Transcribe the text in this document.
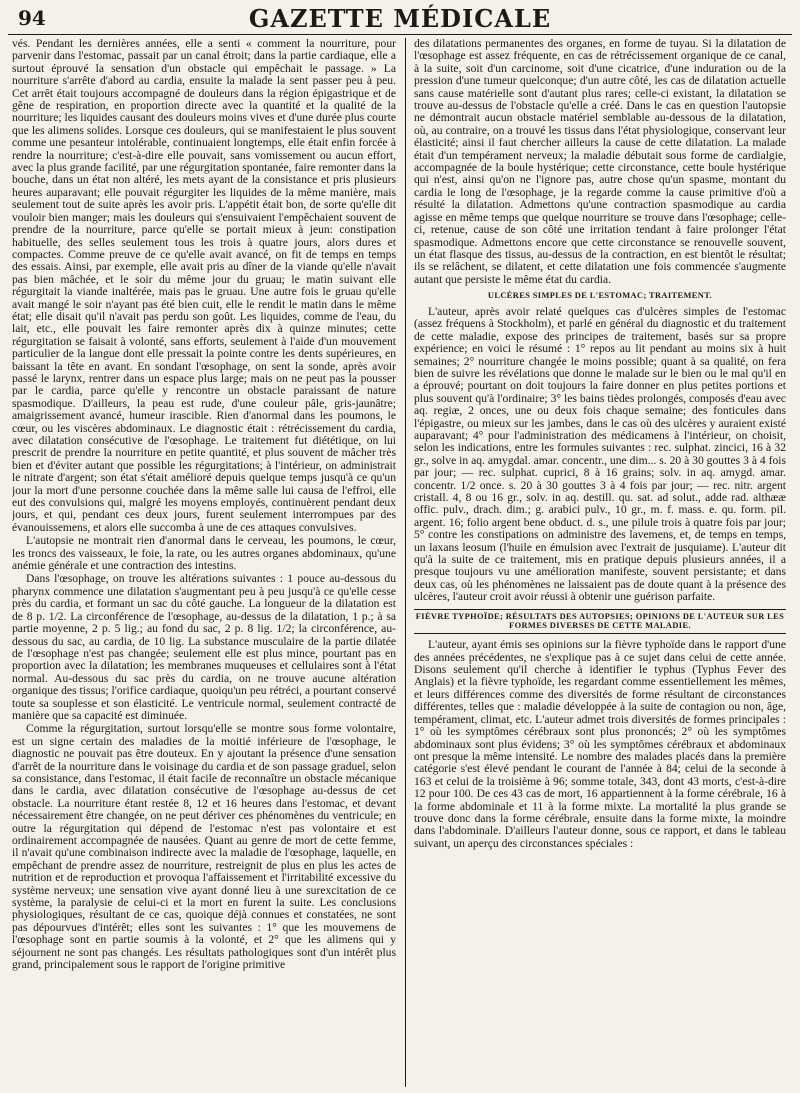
94	GAZETTE MÉDICALE

vés. Pendant les dernières années, elle a senti « comment la nourriture, pour parvenir dans l'estomac, passait par un canal étroit; dans la partie cardiaque, elle a surtout éprouvé la sensation d'un obstacle qui empêchait le passage. » La nourriture s'arrête d'abord au cardia, ensuite la malade la sent passer peu à peu. Cet arrêt était toujours accompagné de douleurs dans la région épigastrique et de gêne de respiration, en proportion directe avec la quantité et la qualité de la nourriture; les liquides causant des douleurs moins vives et d'une durée plus courte que les alimens solides. Lorsque ces douleurs, qui se manifestaient le plus souvent comme une pesanteur intolérable, continuaient longtemps, elle était enfin forcée à rendre la nourriture; c'est-à-dire elle pouvait, sans vomissement ou aucun effort, avec la plus grande facilité, par une régurgitation spontanée, faire remonter dans la bouche, dans un état non altéré, les mets ayant de la consistance et pris plusieurs heures auparavant; elle pouvait régurgiter les liquides de la même manière, mais seulement tout de suite après les avoir pris. L'appétit était bon, de sorte qu'elle dit vouloir bien manger; mais les douleurs qui s'ensuivaient l'empêchaient souvent de prendre de la nourriture, parce qu'elle se portait mieux à jeun: constipation habituelle, des selles seulement tous les trois à quatre jours, alors dures et compactes. Comme preuve de ce qu'elle avait avancé, on fit de temps en temps des essais. Ainsi, par exemple, elle avait pris au dîner de la viande qu'elle n'avait pas bien mâchée, et le soir du même jour du gruau; le matin suivant elle régurgitait la viande inaltérée, mais pas le gruau. Une autre fois le gruau qu'elle avait mangé le soir n'ayant pas été bien cuit, elle le rendit le matin dans le même état; elle disait qu'il n'avait pas perdu son goût. Les liquides, comme de l'eau, du lait, etc., elle pouvait les faire remonter après dix à quinze minutes; cette régurgitation se faisait à volonté, sans efforts, seulement à l'aide d'un mouvement particulier de la langue dont elle pressait la pointe contre les dents supérieures, en baissant la tête en avant. En sondant l'œsophage, on sent la sonde, après avoir passé le larynx, rentrer dans un espace plus large; mais on ne peut pas la pousser par le cardia, parce qu'elle y rencontre un obstacle paraissant de nature spasmodique. D'ailleurs, la peau est rude, d'une couleur pâle, gris-jaunâtre; amaigrissement avancé, humeur irascible. Rien d'anormal dans les poumons, le cœur, ou les viscères abdominaux. Le diagnostic était : rétrécissement du cardia, avec dilatation consécutive de l'œsophage. Le traitement fut diététique, on lui prescrit de prendre la nourriture en petite quantité, et plus souvent de mâcher très bien et d'éviter autant que possible les régurgitations; à l'intérieur, on administrait le nitrate d'argent; son état s'était amélioré depuis quelque temps jusqu'à ce qu'un jour la mort d'une personne couchée dans la même salle lui causa de l'effroi, elle eut des convulsions qui, malgré les moyens employés, continuèrent pendant deux jours, et qui, pendant ces deux jours, furent seulement interrompues par des évanouissemens, et alors elle succomba à une de ces attaques convulsives.

L'autopsie ne montrait rien d'anormal dans le cerveau, les poumons, le cœur, les troncs des vaisseaux, le foie, la rate, ou les autres organes abdominaux, qu'une anémie générale et une contraction des intestins.

Dans l'œsophage, on trouve les altérations suivantes : 1 pouce au-dessous du pharynx commence une dilatation s'augmentant peu à peu jusqu'à ce qu'elle cesse près du cardia, et formant un sac du côté gauche. La longueur de la dilatation est de 8 p. 1/2. La circonférence de l'œsophage, au-dessus de la dilatation, 1 p.; à sa partie moyenne, 2 p. 5 lig.; au fond du sac, 2 p. 8 lig. 1/2; la circonférence, au-dessous du sac, au cardia, de 10 lig. La substance musculaire de la partie dilatée de l'œsophage n'est pas changée; seulement elle est plus mince, pourtant pas en proportion avec la dilatation; les membranes muqueuses et cellulaires sont à l'état normal. Au-dessous du sac près du cardia, on ne trouve aucune altération organique des tissus; l'orifice cardiaque, quoiqu'un peu rétréci, a pourtant conservé toute sa souplesse et son élasticité. Le ventricule normal, seulement contracté de manière que sa capacité est diminuée.

Comme la régurgitation, surtout lorsqu'elle se montre sous forme volontaire, est un signe certain des maladies de la moitié inférieure de l'œsophage, le diagnostic ne pouvait pas être douteux. En y ajoutant la présence d'une sensation d'arrêt de la nourriture dans le voisinage du cardia et de son passage graduel, selon sa consistance, dans l'estomac, il était facile de reconnaître un obstacle mécanique dans le cardia, avec dilatation consécutive de l'œsophage au-dessus de cet obstacle. La nourriture étant restée 8, 12 et 16 heures dans l'estomac, et devant nécessairement être changée, on ne peut dériver ces phénomènes du ventricule; en outre la régurgitation qui dépend de l'estomac n'est pas volontaire et est ordinairement accompagnée de nausées. Quant au genre de mort de cette femme, il n'avait qu'une combinaison indirecte avec la maladie de l'œsophage, laquelle, en empêchant de prendre assez de nourriture, restreignit de plus en plus les actes de nutrition et de reproduction et provoqua l'affaissement et l'irritabilité excessive du système nerveux; une sensation vive ayant donné lieu à une surexcitation de ce système, la paralysie de celui-ci et la mort en furent la suite. Les conclusions physiologiques, résultant de ce cas, quoique déjà connues et constatées, ne sont pas dépourvues d'intérêt; elles sont les suivantes : 1° que les mouvemens de l'œsophage sont en partie soumis à la volonté, et 2° que les alimens qui y séjournent ne sont pas changés. Les résultats pathologiques sont d'un intérêt plus grand, principalement sous le rapport de l'origine primitive

des dilatations permanentes des organes, en forme de tuyau. Si la dilatation de l'œsophage est assez fréquente, en cas de rétrécissement organique de ce canal, à la suite, soit d'un carcinome, soit d'une cicatrice, d'une induration ou de la pression d'une tumeur quelconque; d'un autre côté, les cas de dilatation actuelle sans cause matérielle sont d'autant plus rares; celle-ci existant, la dilatation se trouve au-dessus de l'obstacle qu'elle a créé. Dans le cas en question l'autopsie ne démontrait aucun obstacle matériel semblable au-dessous de la dilatation, où, au contraire, on a trouvé les tissus dans l'état physiologique, conservant leur élasticité; ainsi il faut chercher ailleurs la cause de cette dilatation. La malade était d'un tempérament nerveux; la maladie débutait sous forme de cardialgie, accompagnée de la boule hystérique; cette circonstance, cette boule hystérique qui n'est, ainsi qu'on ne l'ignore pas, autre chose qu'un spasme, montant du cardia le long de l'œsophage, je la regarde comme la cause primitive d'où a résulté la dilatation. Admettons qu'une contraction spasmodique au cardia agisse en même temps que quelque nourriture se trouve dans l'œsophage; celle-ci, retenue, cause de son côté une irritation tendant à faire prolonger l'état spasmodique. Admettons encore que cette circonstance se renouvelle souvent, un état flasque des tissus, au-dessus de la contraction, en est bientôt le résultat; ils se relâchent, se dilatent, et cette dilatation une fois commencée s'augmente autant que persiste le même état du cardia.

ULCÈRES SIMPLES DE L'ESTOMAC; TRAITEMENT.

L'auteur, après avoir relaté quelques cas d'ulcères simples de l'estomac (assez fréquens à Stockholm), et parlé en général du diagnostic et du traitement de cette maladie, expose des principes de traitement, basés sur sa propre expérience; en voici le résumé : 1° repos au lit pendant au moins six à huit semaines; 2° nourriture changée le moins possible; quant à sa qualité, on fera bien de suivre les révélations que donne le malade sur le bien ou le mal qu'il en a éprouvé; pourtant on doit toujours la faire donner en plus petites portions et plus souvent qu'à l'ordinaire; 3° les bains tièdes prolongés, composés d'eau avec aq. regiæ, 2 onces, une ou deux fois chaque semaine; des fonticules dans l'épigastre, ou mieux sur les jambes, dans le cas où des ulcères y auraient existé auparavant; 4° pour l'administration des médicamens à l'intérieur, on choisit, selon les indications, entre les formules suivantes : rec. sulphat. zincici, 16 à 32 gr., solve in aq. amygdal. amar. concentr., une dim... s. 20 à 30 gouttes 3 à 4 fois par jour; — rec. sulphat. cuprici, 8 à 16 grains; solv. in aq. amygd. amar. concentr. 1/2 once. s. 20 à 30 gouttes 3 à 4 fois par jour; — rec. nitr. argent cristall. 4, 8 ou 16 gr., solv. in aq. destill. qu. sat. ad solut., adde rad. althææ offic. pulv., drach. dim.; g. arabici pulv., 10 gr., m. f. mass. e. qu. form. pil. argent. 16; folio argent bene obduct. d. s., une pilule trois à quatre fois par jour; 5° contre les constipations on administre des lavemens, et, de temps en temps, un laxans leosum (l'huile en émulsion avec l'extrait de jusquiame). L'auteur dit qu'à la suite de ce traitement, mis en pratique depuis plusieurs années, il a presque toujours vu une amélioration manifeste, souvent persistante; et dans deux cas, où les phénomènes ne laissaient pas de doute quant à la présence des ulcères, l'auteur croit avoir réussi à obtenir une guérison parfaite.

FIÈVRE TYPHOÏDE; RÉSULTATS DES AUTOPSIES; OPINIONS DE L'AUTEUR SUR LES FORMES DIVERSES DE CETTE MALADIE.

L'auteur, ayant émis ses opinions sur la fièvre typhoïde dans le rapport d'une des années précédentes, ne s'explique pas à ce sujet dans celui de cette année. Disons seulement qu'il cherche à identifier le typhus (Typhus Fever des Anglais) et la fièvre typhoïde, les regardant comme essentiellement les mêmes, et leurs différences comme des diversités de forme résultant de circonstances différentes, telles que : maladie développée à la suite de contagion ou non, âge, tempérament, climat, etc. L'auteur admet trois diversités de formes principales : 1° où les symptômes cérébraux sont plus prononcés; 2° où les symptômes abdominaux sont plus évidens; 3° où les symptômes cérébraux et abdominaux ont presque la même intensité. Le nombre des malades placés dans la première catégorie s'est élevé pendant le courant de l'année à 84; celui de la seconde à 163 et celui de la troisième à 96; somme totale, 343, dont 43 morts, c'est-à-dire 12 pour 100. De ces 43 cas de mort, 16 appartiennent à la forme cérébrale, 16 à la forme abdominale et 11 à la forme mixte. La mortalité la plus grande se trouve donc dans la forme cérébrale, ensuite dans la forme mixte, la moindre dans l'abdominale. D'ailleurs l'auteur donne, sous ce rapport, et dans le tableau suivant, un aperçu des circonstances spéciales :
